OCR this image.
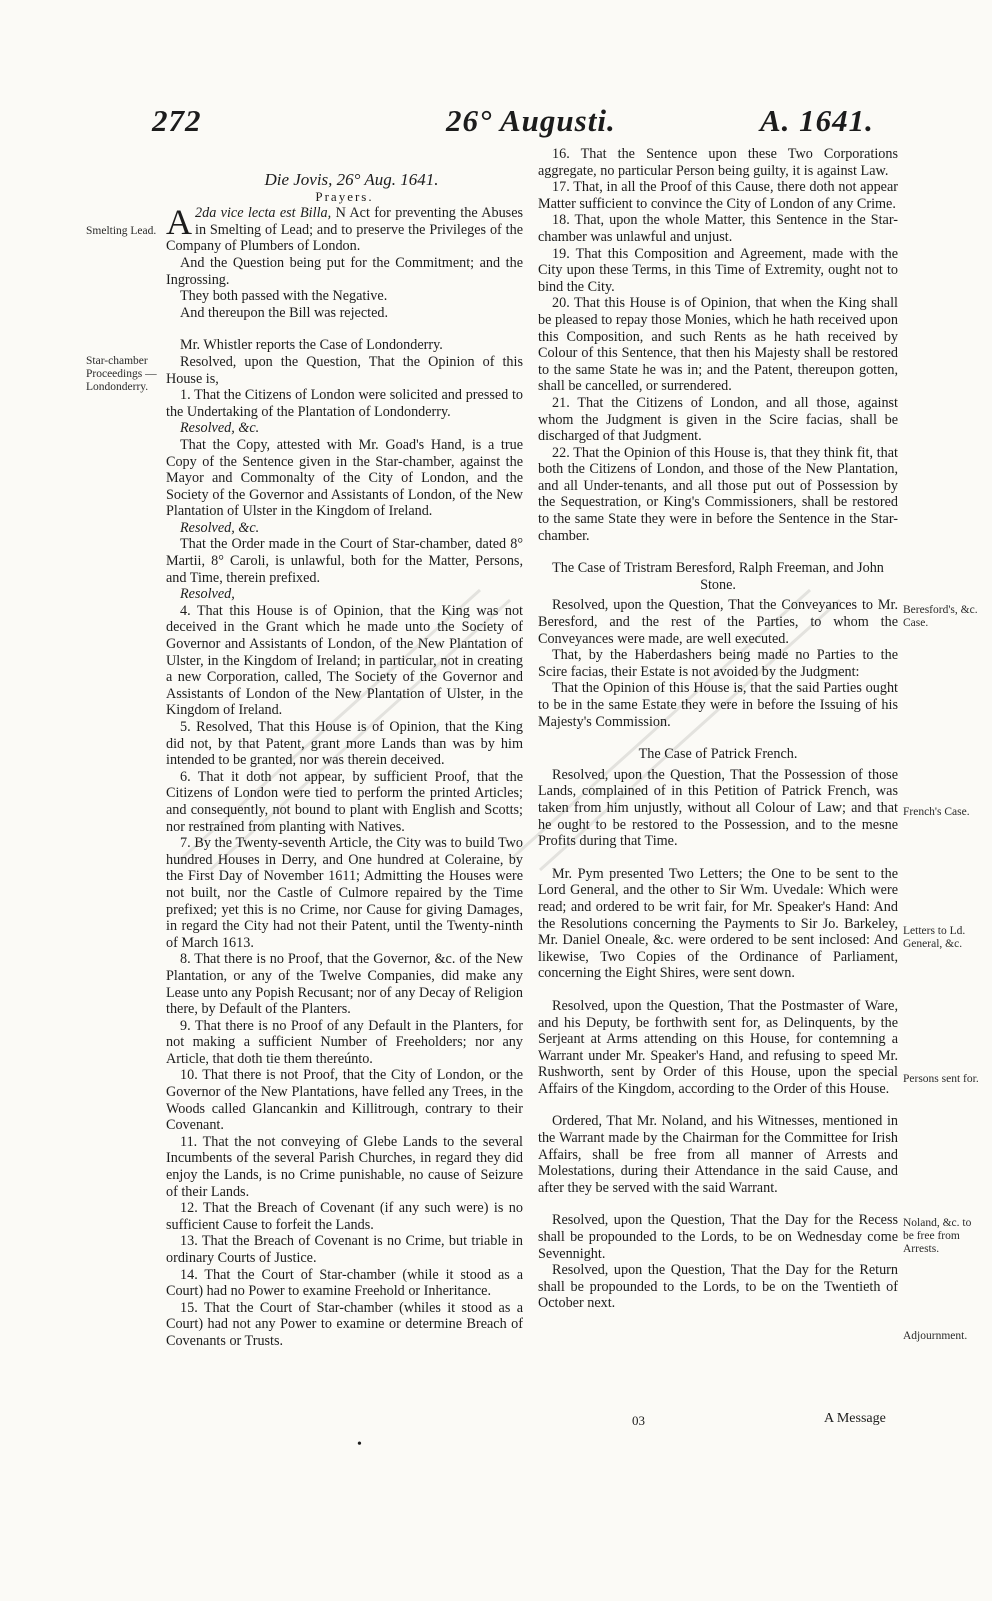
272	26° Augusti.	A. 1641.

Die Jovis, 26° Aug. 1641.

Prayers.

2da vice lecta est Billa,
A	N Act for preventing the Abuses in Smelting of Lead; and to preserve the Privileges of the Company of Plumbers of London.

And the Question being put for the Commitment; and the Ingrossing.

They both passed with the Negative.

And thereupon the Bill was rejected.

Mr. Whistler reports the Case of Londonderry.

Resolved, upon the Question, That the Opinion of this House is,

1. That the Citizens of London were solicited and pressed to the Undertaking of the Plantation of Londonderry.

Resolved, &c.

That the Copy, attested with Mr. Goad's Hand, is a true Copy of the Sentence given in the Star-chamber, against the Mayor and Commonalty of the City of London, and the Society of the Governor and Assistants of London, of the New Plantation of Ulster in the Kingdom of Ireland.

Resolved, &c.

That the Order made in the Court of Star-chamber, dated 8° Martii, 8° Caroli, is unlawful, both for the Matter, Persons, and Time, therein prefixed.

Resolved,

4. That this House is of Opinion, that the King was not deceived in the Grant which he made unto the Society of Governor and Assistants of London, of the New Plantation of Ulster, in the Kingdom of Ireland; in particular, not in creating a new Corporation, called, The Society of the Governor and Assistants of London of the New Plantation of Ulster, in the Kingdom of Ireland.

5. Resolved, That this House is of Opinion, that the King did not, by that Patent, grant more Lands than was by him intended to be granted, nor was therein deceived.

6. That it doth not appear, by sufficient Proof, that the Citizens of London were tied to perform the printed Articles; and consequently, not bound to plant with English and Scotts; nor restrained from planting with Natives.

7. By the Twenty-seventh Article, the City was to build Two hundred Houses in Derry, and One hundred at Coleraine, by the First Day of November 1611; Admitting the Houses were not built, nor the Castle of Culmore repaired by the Time prefixed; yet this is no Crime, nor Cause for giving Damages, in regard the City had not their Patent, until the Twenty-ninth of March 1613.

8. That there is no Proof, that the Governor, &c. of the New Plantation, or any of the Twelve Companies, did make any Lease unto any Popish Recusant; nor of any Decay of Religion there, by Default of the Planters.

9. That there is no Proof of any Default in the Planters, for not making a sufficient Number of Freeholders; nor any Article, that doth tie them thereúnto.

10. That there is not Proof, that the City of London, or the Governor of the New Plantations, have felled any Trees, in the Woods called Glancankin and Killitrough, contrary to their Covenant.

11. That the not conveying of Glebe Lands to the several Incumbents of the several Parish Churches, in regard they did enjoy the Lands, is no Crime punishable, no cause of Seizure of their Lands.

12. That the Breach of Covenant (if any such were) is no sufficient Cause to forfeit the Lands.

13. That the Breach of Covenant is no Crime, but triable in ordinary Courts of Justice.

14. That the Court of Star-chamber (while it stood as a Court) had no Power to examine Freehold or Inheritance.

15. That the Court of Star-chamber (whiles it stood as a Court) had not any Power to examine or determine Breach of Covenants or Trusts.

16. That the Sentence upon these Two Corporations aggregate, no particular Person being guilty, it is against Law.

17. That, in all the Proof of this Cause, there doth not appear Matter sufficient to convince the City of London of any Crime.

18. That, upon the whole Matter, this Sentence in the Star-chamber was unlawful and unjust.

19. That this Composition and Agreement, made with the City upon these Terms, in this Time of Extremity, ought not to bind the City.

20. That this House is of Opinion, that when the King shall be pleased to repay those Monies, which he hath received upon this Composition, and such Rents as he hath received by Colour of this Sentence, that then his Majesty shall be restored to the same State he was in; and the Patent, thereupon gotten, shall be cancelled, or surrendered.

21. That the Citizens of London, and all those, against whom the Judgment is given in the Scire facias, shall be discharged of that Judgment.

22. That the Opinion of this House is, that they think fit, that both the Citizens of London, and those of the New Plantation, and all Under-tenants, and all those put out of Possession by the Sequestration, or King's Commissioners, shall be restored to the same State they were in before the Sentence in the Star-chamber.

The Case of Tristram Beresford, Ralph Freeman, and John Stone.

Resolved, upon the Question, That the Conveyances to Mr. Beresford, and the rest of the Parties, to whom the Conveyances were made, are well executed.

That, by the Haberdashers being made no Parties to the Scire facias, their Estate is not avoided by the Judgment:

That the Opinion of this House is, that the said Parties ought to be in the same Estate they were in before the Issuing of his Majesty's Commission.

The Case of Patrick French.

Resolved, upon the Question, That the Possession of those Lands, complained of in this Petition of Patrick French, was taken from him unjustly, without all Colour of Law; and that he ought to be restored to the Possession, and to the mesne Profits during that Time.

Mr. Pym presented Two Letters; the One to be sent to the Lord General, and the other to Sir Wm. Uvedale: Which were read; and ordered to be writ fair, for Mr. Speaker's Hand: And the Resolutions concerning the Payments to Sir Jo. Barkeley, Mr. Daniel Oneale, &c. were ordered to be sent inclosed: And likewise, Two Copies of the Ordinance of Parliament, concerning the Eight Shires, were sent down.

Resolved, upon the Question, That the Postmaster of Ware, and his Deputy, be forthwith sent for, as Delinquents, by the Serjeant at Arms attending on this House, for contemning a Warrant under Mr. Speaker's Hand, and refusing to speed Mr. Rushworth, sent by Order of this House, upon the special Affairs of the Kingdom, according to the Order of this House.

Ordered, That Mr. Noland, and his Witnesses, mentioned in the Warrant made by the Chairman for the Committee for Irish Affairs, shall be free from all manner of Arrests and Molestations, during their Attendance in the said Cause, and after they be served with the said Warrant.

Resolved, upon the Question, That the Day for the Recess shall be propounded to the Lords, to be on Wednesday come Sevennight.

Resolved, upon the Question, That the Day for the Return shall be propounded to the Lords, to be on the Twentieth of October next.

Smelting Lead.
Star-chamber Proceedings — Londonderry.
Beresford's, &c. Case.
French's Case.
Letters to Ld. General, &c.
Persons sent for.
Noland, &c. to be free from Arrests.
Adjournment.
03	A Message
•
